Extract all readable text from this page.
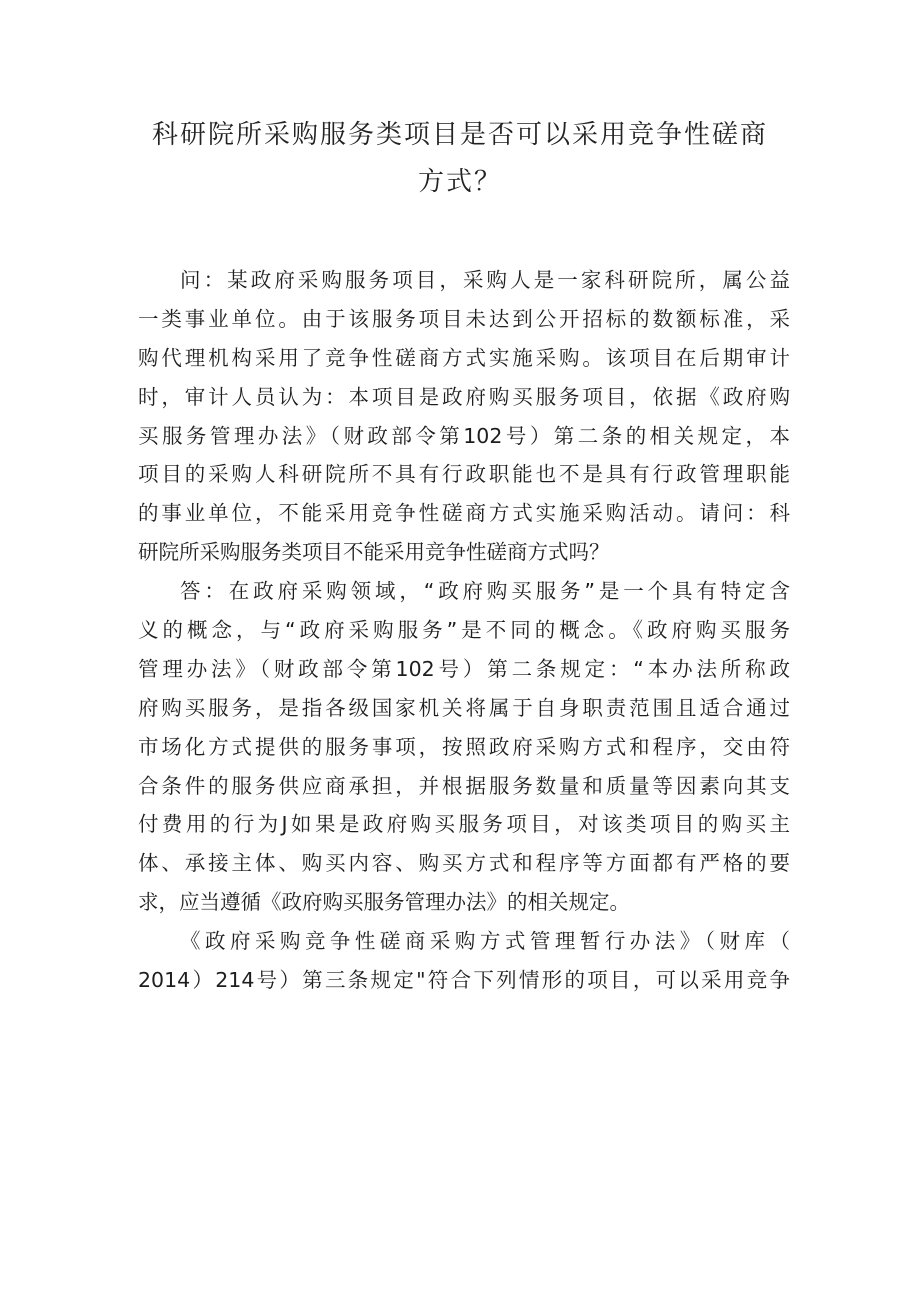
科研院所采购服务类项目是否可以采用竞争性磋商
方式？
问：某政府采购服务项目，采购人是一家科研院所，属公益
一类事业单位。由于该服务项目未达到公开招标的数额标准，采
购代理机构采用了竞争性磋商方式实施采购。该项目在后期审计
时，审计人员认为：本项目是政府购买服务项目，依据《政府购
买服务管理办法》（财政部令第102号）第二条的相关规定，本
项目的采购人科研院所不具有行政职能也不是具有行政管理职能
的事业单位，不能采用竞争性磋商方式实施采购活动。请问：科
研院所采购服务类项目不能采用竞争性磋商方式吗？
答：在政府采购领域，“政府购买服务”是一个具有特定含
义的概念，与“政府采购服务”是不同的概念。《政府购买服务
管理办法》（财政部令第102号）第二条规定：“本办法所称政
府购买服务，是指各级国家机关将属于自身职责范围且适合通过
市场化方式提供的服务事项，按照政府采购方式和程序，交由符
合条件的服务供应商承担，并根据服务数量和质量等因素向其支
付费用的行为J如果是政府购买服务项目，对该类项目的购买主
体、承接主体、购买内容、购买方式和程序等方面都有严格的要
求，应当遵循《政府购买服务管理办法》的相关规定。
《政府采购竞争性磋商采购方式管理暂行办法》（财库（
2014）214号）第三条规定"符合下列情形的项目，可以采用竞争
